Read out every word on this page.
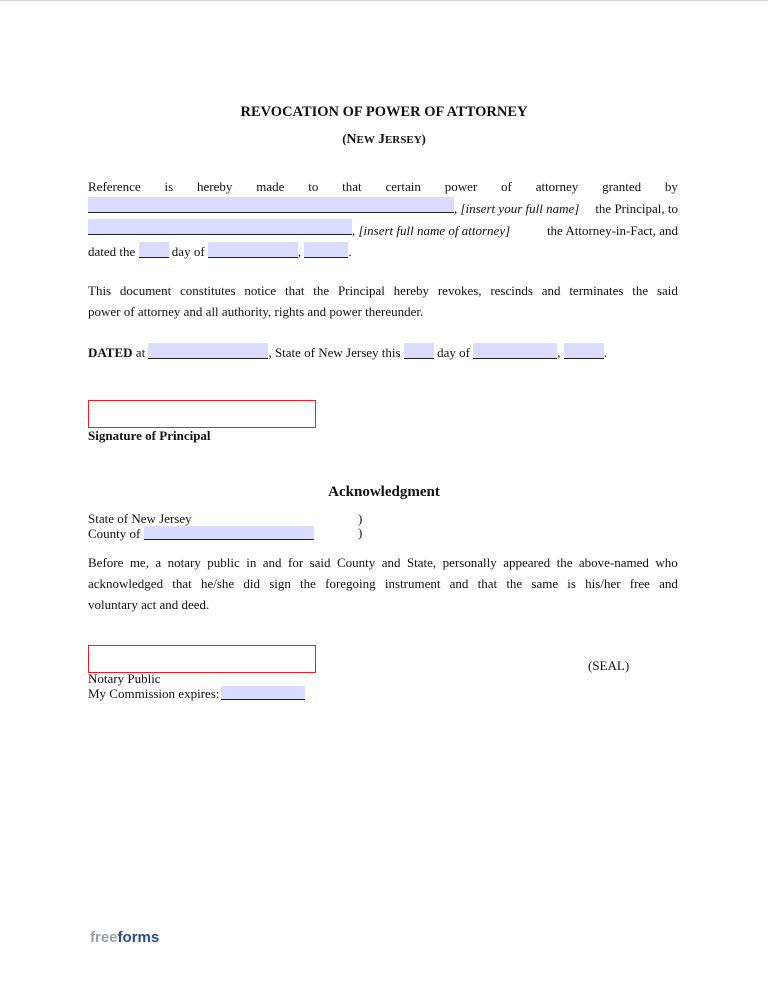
REVOCATION OF POWER OF ATTORNEY
(NEW JERSEY)
Reference is hereby made to that certain power of attorney granted by
,
[insert your full name]
	the Principal, to
,
[insert full name of attorney]
	the Attorney-in-Fact, and
dated the	day of	,	.
This document constitutes notice that the Principal hereby revokes, rescinds and terminates the said
power of attorney and all authority, rights and power thereunder.
DATED at	, State of New Jersey this	day of	,	.
Signature of Principal
Acknowledgment
State of New Jersey
County of
)
)
Before me, a notary public in and for said County and State, personally appeared the above-named who
acknowledged that he/she did sign the foregoing instrument and that the same is his/her free and
voluntary act and deed.
Notary Public
My Commission expires:
(SEAL)
freeforms
